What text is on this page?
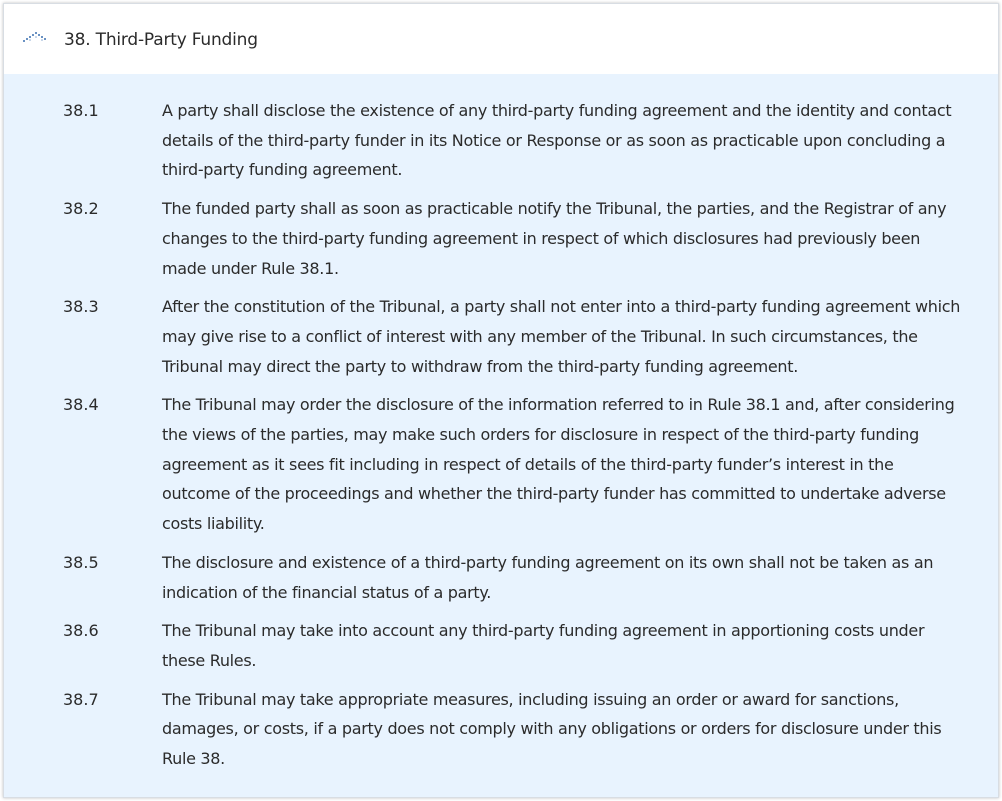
38. Third-Party Funding
38.1	A party shall disclose the existence of any third-party funding agreement and the identity and contact details of the third-party funder in its Notice or Response or as soon as practicable upon concluding a third-party funding agreement.
38.2	The funded party shall as soon as practicable notify the Tribunal, the parties, and the Registrar of any changes to the third-party funding agreement in respect of which disclosures had previously been made under Rule 38.1.
38.3	After the constitution of the Tribunal, a party shall not enter into a third-party funding agreement which may give rise to a conflict of interest with any member of the Tribunal. In such circumstances, the Tribunal may direct the party to withdraw from the third-party funding agreement.
38.4	The Tribunal may order the disclosure of the information referred to in Rule 38.1 and, after considering the views of the parties, may make such orders for disclosure in respect of the third-party funding agreement as it sees fit including in respect of details of the third-party funder’s interest in the outcome of the proceedings and whether the third-party funder has committed to undertake adverse costs liability.
38.5	The disclosure and existence of a third-party funding agreement on its own shall not be taken as an indication of the financial status of a party.
38.6	The Tribunal may take into account any third-party funding agreement in apportioning costs under these Rules.
38.7	The Tribunal may take appropriate measures, including issuing an order or award for sanctions, damages, or costs, if a party does not comply with any obligations or orders for disclosure under this Rule 38.
